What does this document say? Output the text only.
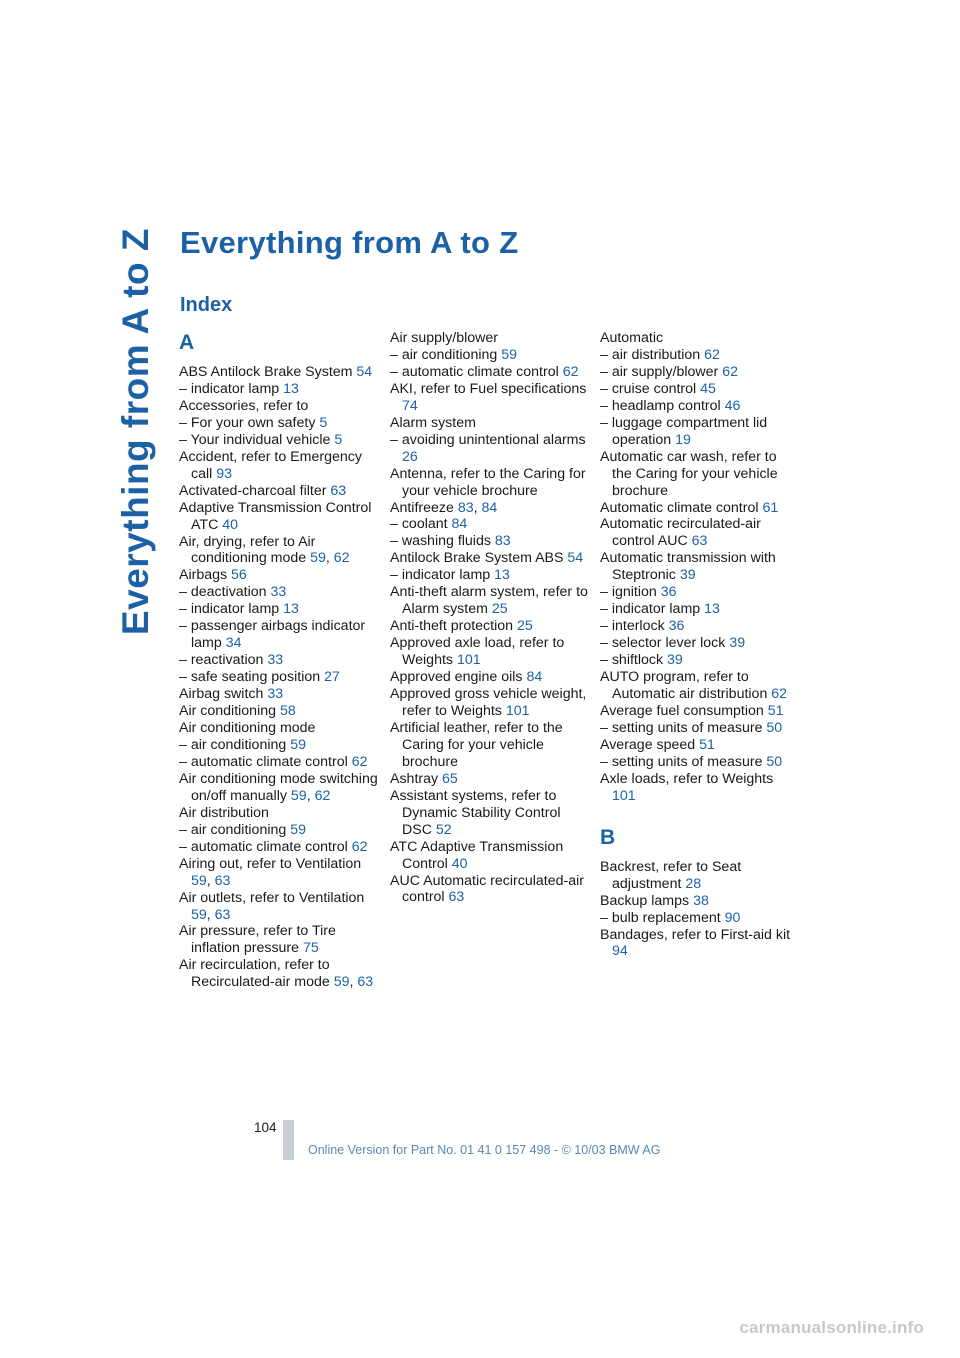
Everything from A to Z Everything from A to Z
Index
A
ABS Antilock Brake System 54
– indicator lamp 13
Accessories, refer to
– For your own safety 5
– Your individual vehicle 5
Accident, refer to Emergency call 93
Activated-charcoal filter 63
Adaptive Transmission Control ATC 40
Air, drying, refer to Air conditioning mode 59, 62
Airbags 56
– deactivation 33
– indicator lamp 13
– passenger airbags indicator lamp 34
– reactivation 33
– safe seating position 27
Airbag switch 33
Air conditioning 58
Air conditioning mode
– air conditioning 59
– automatic climate control 62
Air conditioning mode switching on/off manually 59, 62
Air distribution
– air conditioning 59
– automatic climate control 62
Airing out, refer to Ventilation 59, 63
Air outlets, refer to Ventilation 59, 63
Air pressure, refer to Tire inflation pressure 75
Air recirculation, refer to Recirculated-air mode 59, 63
Air supply/blower
– air conditioning 59
– automatic climate control 62
AKI, refer to Fuel specifications 74
Alarm system
– avoiding unintentional alarms 26
Antenna, refer to the Caring for your vehicle brochure
Antifreeze 83, 84
– coolant 84
– washing fluids 83
Antilock Brake System ABS 54
– indicator lamp 13
Anti-theft alarm system, refer to Alarm system 25
Anti-theft protection 25
Approved axle load, refer to Weights 101
Approved engine oils 84
Approved gross vehicle weight, refer to Weights 101
Artificial leather, refer to the Caring for your vehicle brochure
Ashtray 65
Assistant systems, refer to Dynamic Stability Control DSC 52
ATC Adaptive Transmission Control 40
AUC Automatic recirculated-air control 63
Automatic
– air distribution 62
– air supply/blower 62
– cruise control 45
– headlamp control 46
– luggage compartment lid operation 19
Automatic car wash, refer to the Caring for your vehicle brochure
Automatic climate control 61
Automatic recirculated-air control AUC 63
Automatic transmission with Steptronic 39
– ignition 36
– indicator lamp 13
– interlock 36
– selector lever lock 39
– shiftlock 39
AUTO program, refer to Automatic air distribution 62
Average fuel consumption 51
– setting units of measure 50
Average speed 51
– setting units of measure 50
Axle loads, refer to Weights 101
B
Backrest, refer to Seat adjustment 28
Backup lamps 38
– bulb replacement 90
Bandages, refer to First-aid kit 94
104
Online Version for Part No. 01 41 0 157 498 - © 10/03 BMW AG
carmanualsonline.info
